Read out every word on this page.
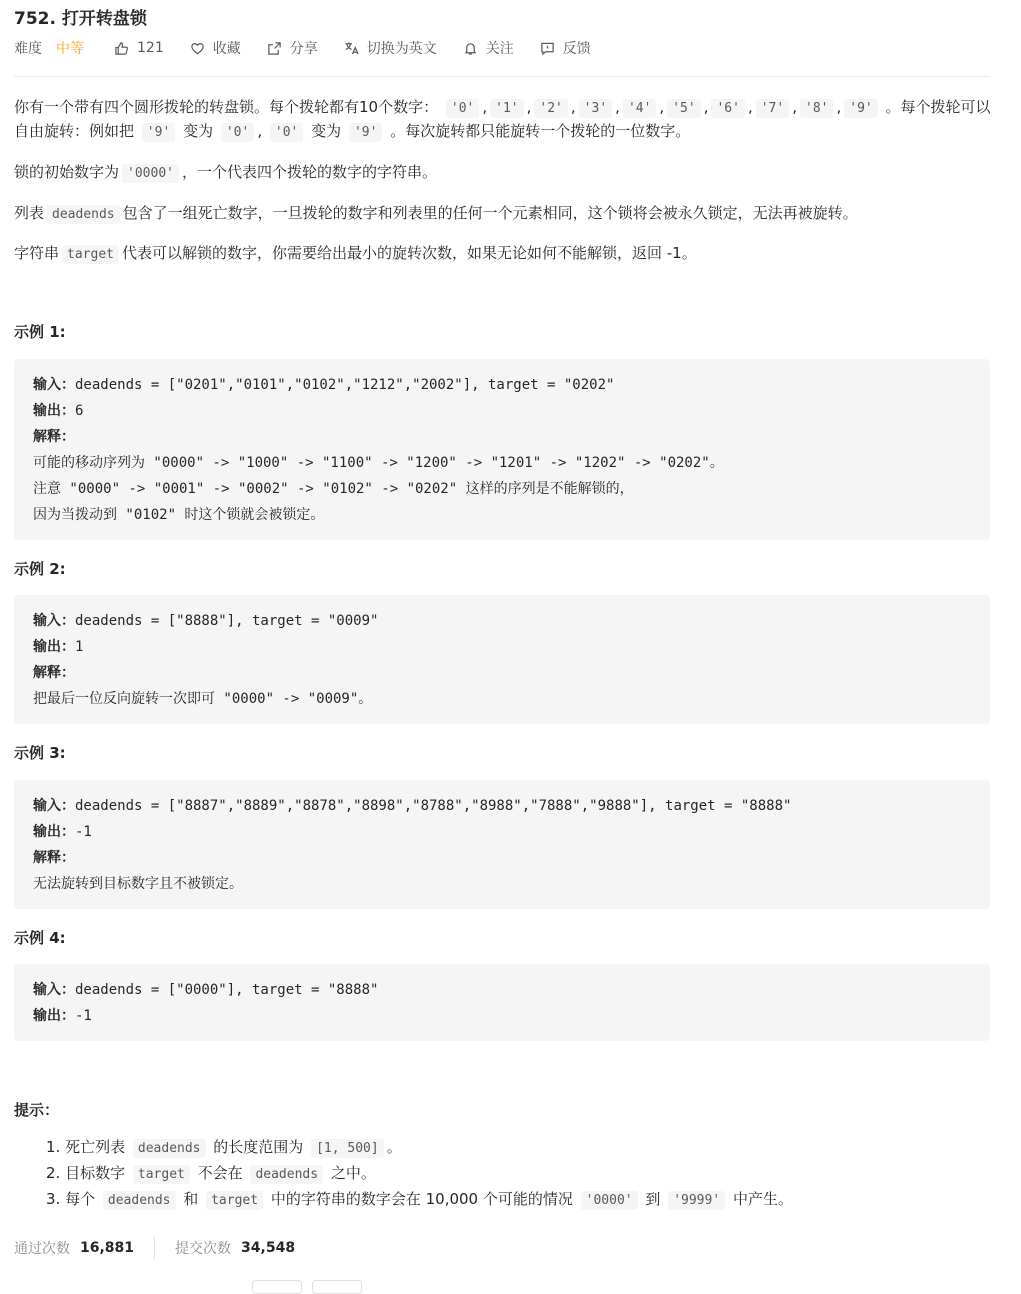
752. 打开转盘锁
难度 中等	121	收藏	分享	切换为英文	关注	反馈
你有一个带有四个圆形拨轮的转盘锁。每个拨轮都有10个数字： '0' , '1' , '2' , '3' , '4' , '5' , '6' , '7' , '8' , '9' 。每个拨轮可以
自由旋转：例如把 '9' 变为 '0' , '0' 变为 '9' 。每次旋转都只能旋转一个拨轮的一位数字。
锁的初始数字为 '0000' ，一个代表四个拨轮的数字的字符串。
列表 deadends 包含了一组死亡数字，一旦拨轮的数字和列表里的任何一个元素相同，这个锁将会被永久锁定，无法再被旋转。
字符串 target 代表可以解锁的数字，你需要给出最小的旋转次数，如果无论如何不能解锁，返回 -1。
示例 1:
输入：deadends = ["0201","0101","0102","1212","2002"], target = "0202"
输出：6
解释：
可能的移动序列为 "0000" -> "1000" -> "1100" -> "1200" -> "1201" -> "1202" -> "0202"。
注意 "0000" -> "0001" -> "0002" -> "0102" -> "0202" 这样的序列是不能解锁的，
因为当拨动到 "0102" 时这个锁就会被锁定。
示例 2:
输入：deadends = ["8888"], target = "0009"
输出：1
解释：
把最后一位反向旋转一次即可 "0000" -> "0009"。
示例 3:
输入：deadends = ["8887","8889","8878","8898","8788","8988","7888","9888"], target = "8888"
输出：-1
解释：
无法旋转到目标数字且不被锁定。
示例 4:
输入：deadends = ["0000"], target = "8888"
输出：-1
提示：
1. 死亡列表 deadends 的长度范围为 [1, 500] 。
2. 目标数字 target 不会在 deadends 之中。
3. 每个 deadends 和 target 中的字符串的数字会在 10,000 个可能的情况 '0000' 到 '9999' 中产生。
通过次数 16,881	提交次数 34,548
